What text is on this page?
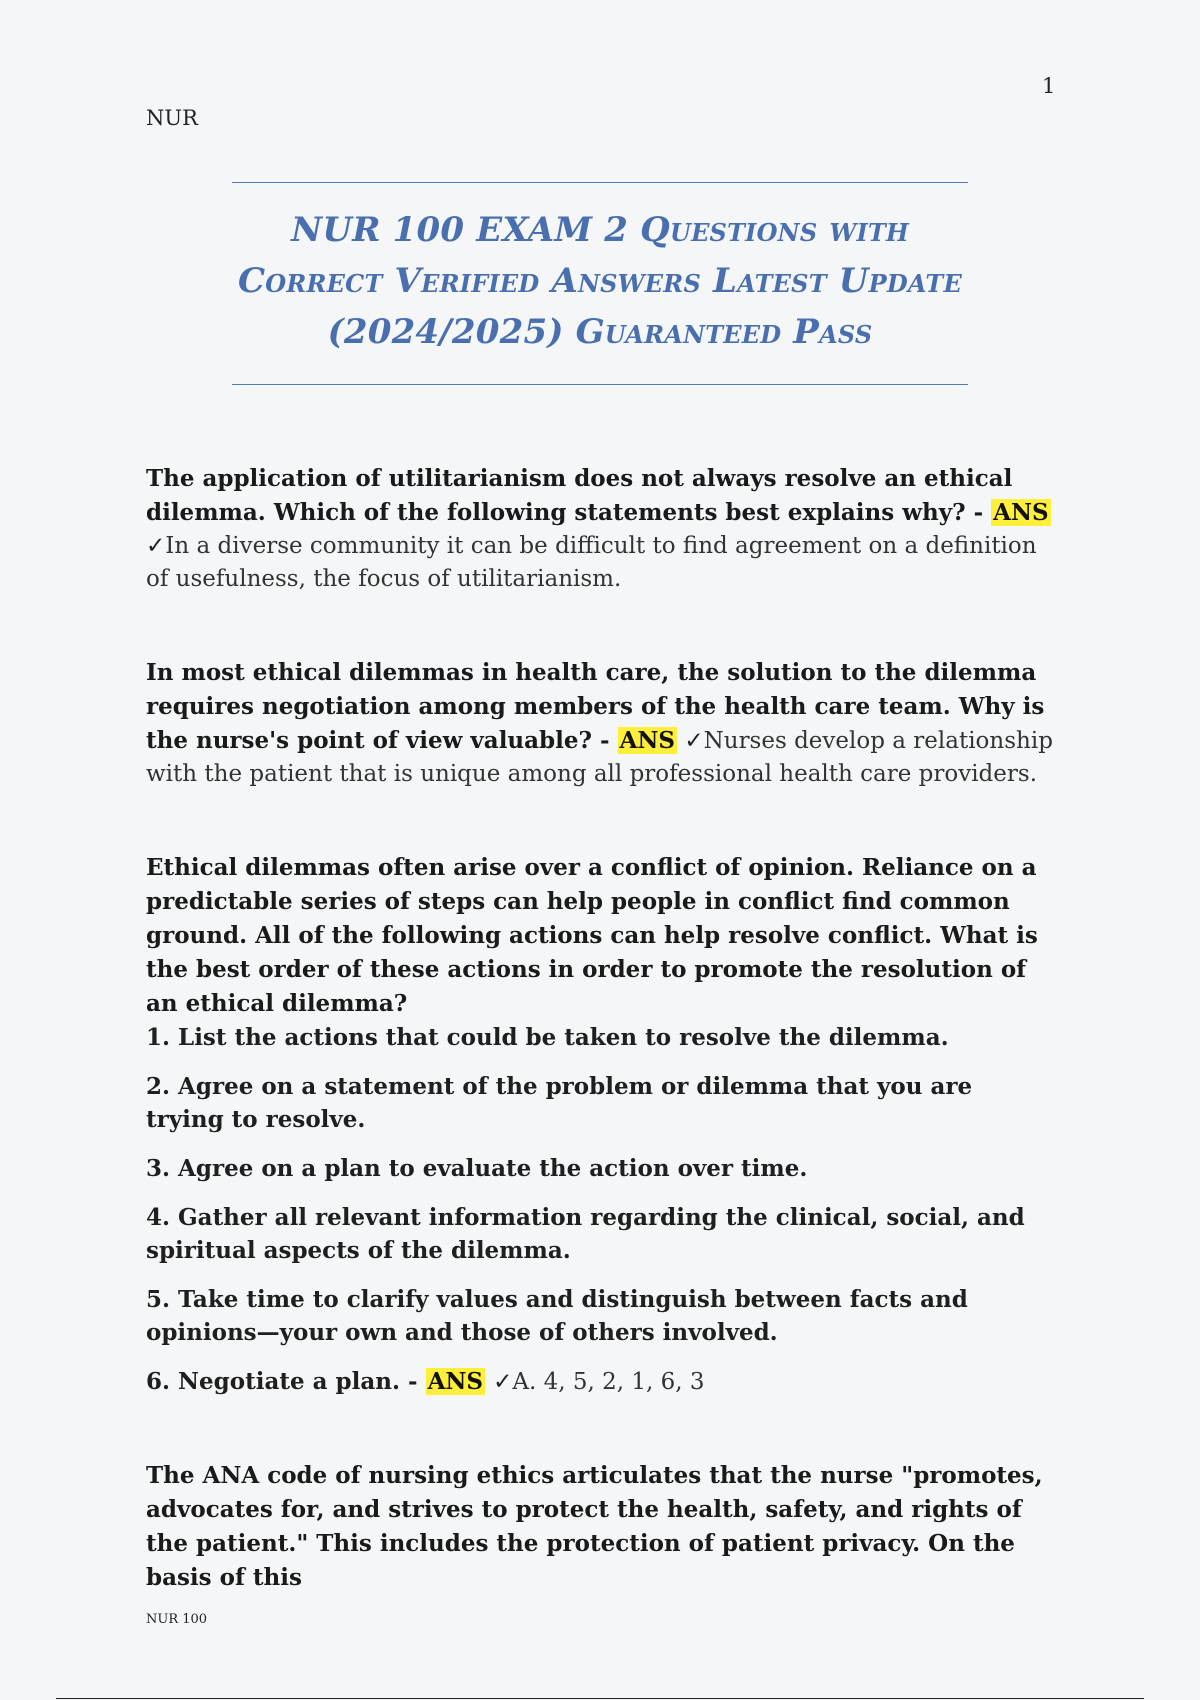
1
NUR

NUR 100 EXAM 2 Questions with

Correct Verified Answers Latest Update

(2024/2025) Guaranteed Pass

The application of utilitarianism does not always resolve an ethical dilemma. Which of the following statements best explains why? - ANS ✓In a diverse community it can be difficult to find agreement on a definition of usefulness, the focus of utilitarianism.

In most ethical dilemmas in health care, the solution to the dilemma requires negotiation among members of the health care team. Why is the nurse's point of view valuable? - ANS ✓Nurses develop a relationship with the patient that is unique among all professional health care providers.

Ethical dilemmas often arise over a conflict of opinion. Reliance on a predictable series of steps can help people in conflict find common ground. All of the following actions can help resolve conflict. What is the best order of these actions in order to promote the resolution of an ethical dilemma?

1. List the actions that could be taken to resolve the dilemma.

2. Agree on a statement of the problem or dilemma that you are trying to resolve.

3. Agree on a plan to evaluate the action over time.

4. Gather all relevant information regarding the clinical, social, and spiritual aspects of the dilemma.

5. Take time to clarify values and distinguish between facts and opinions—your own and those of others involved.

6. Negotiate a plan. - ANS ✓A. 4, 5, 2, 1, 6, 3

The ANA code of nursing ethics articulates that the nurse "promotes, advocates for, and strives to protect the health, safety, and rights of the patient." This includes the protection of patient privacy. On the basis of this

NUR 100
